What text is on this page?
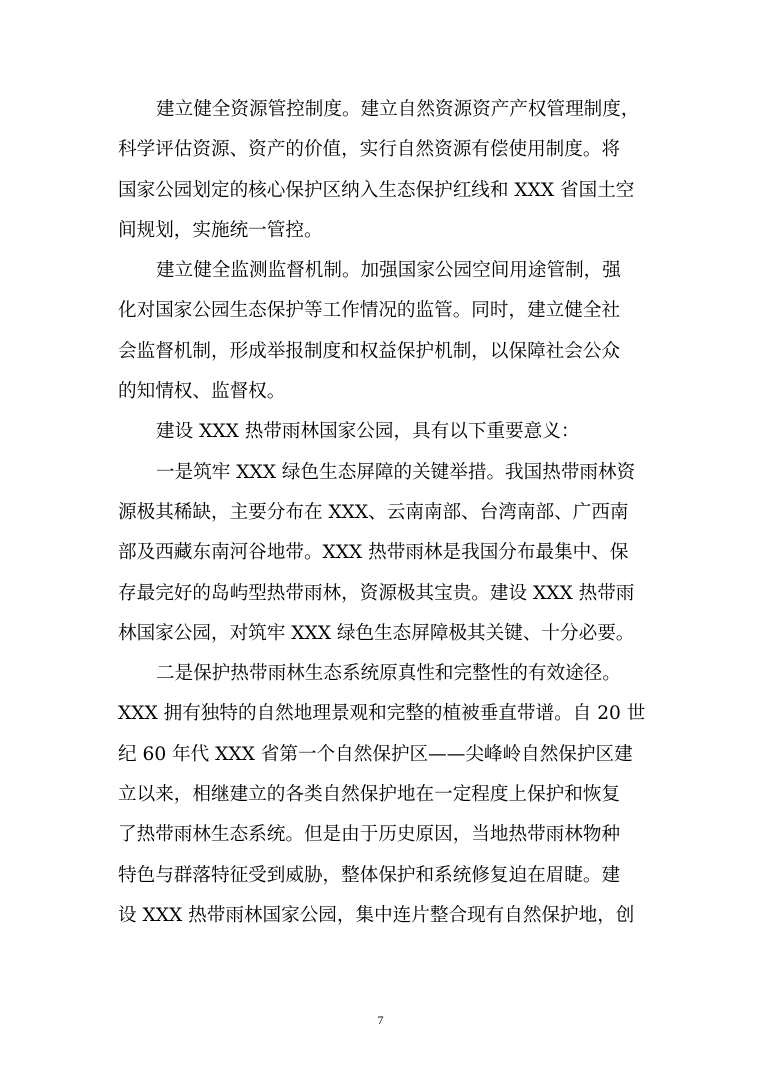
建立健全资源管控制度。建立自然资源资产产权管理制度，
科学评估资源、资产的价值，实行自然资源有偿使用制度。将
国家公园划定的核心保护区纳入生态保护红线和 XXX 省国土空
间规划，实施统一管控。
建立健全监测监督机制。加强国家公园空间用途管制，强
化对国家公园生态保护等工作情况的监管。同时，建立健全社
会监督机制，形成举报制度和权益保护机制，以保障社会公众
的知情权、监督权。
建设 XXX 热带雨林国家公园，具有以下重要意义：
一是筑牢 XXX 绿色生态屏障的关键举措。我国热带雨林资
源极其稀缺，主要分布在 XXX、云南南部、台湾南部、广西南
部及西藏东南河谷地带。XXX 热带雨林是我国分布最集中、保
存最完好的岛屿型热带雨林，资源极其宝贵。建设 XXX 热带雨
林国家公园，对筑牢 XXX 绿色生态屏障极其关键、十分必要。
二是保护热带雨林生态系统原真性和完整性的有效途径。
XXX 拥有独特的自然地理景观和完整的植被垂直带谱。自 20 世
纪 60 年代 XXX 省第一个自然保护区——尖峰岭自然保护区建
立以来，相继建立的各类自然保护地在一定程度上保护和恢复
了热带雨林生态系统。但是由于历史原因，当地热带雨林物种
特色与群落特征受到威胁，整体保护和系统修复迫在眉睫。建
设 XXX 热带雨林国家公园，集中连片整合现有自然保护地，创
7
